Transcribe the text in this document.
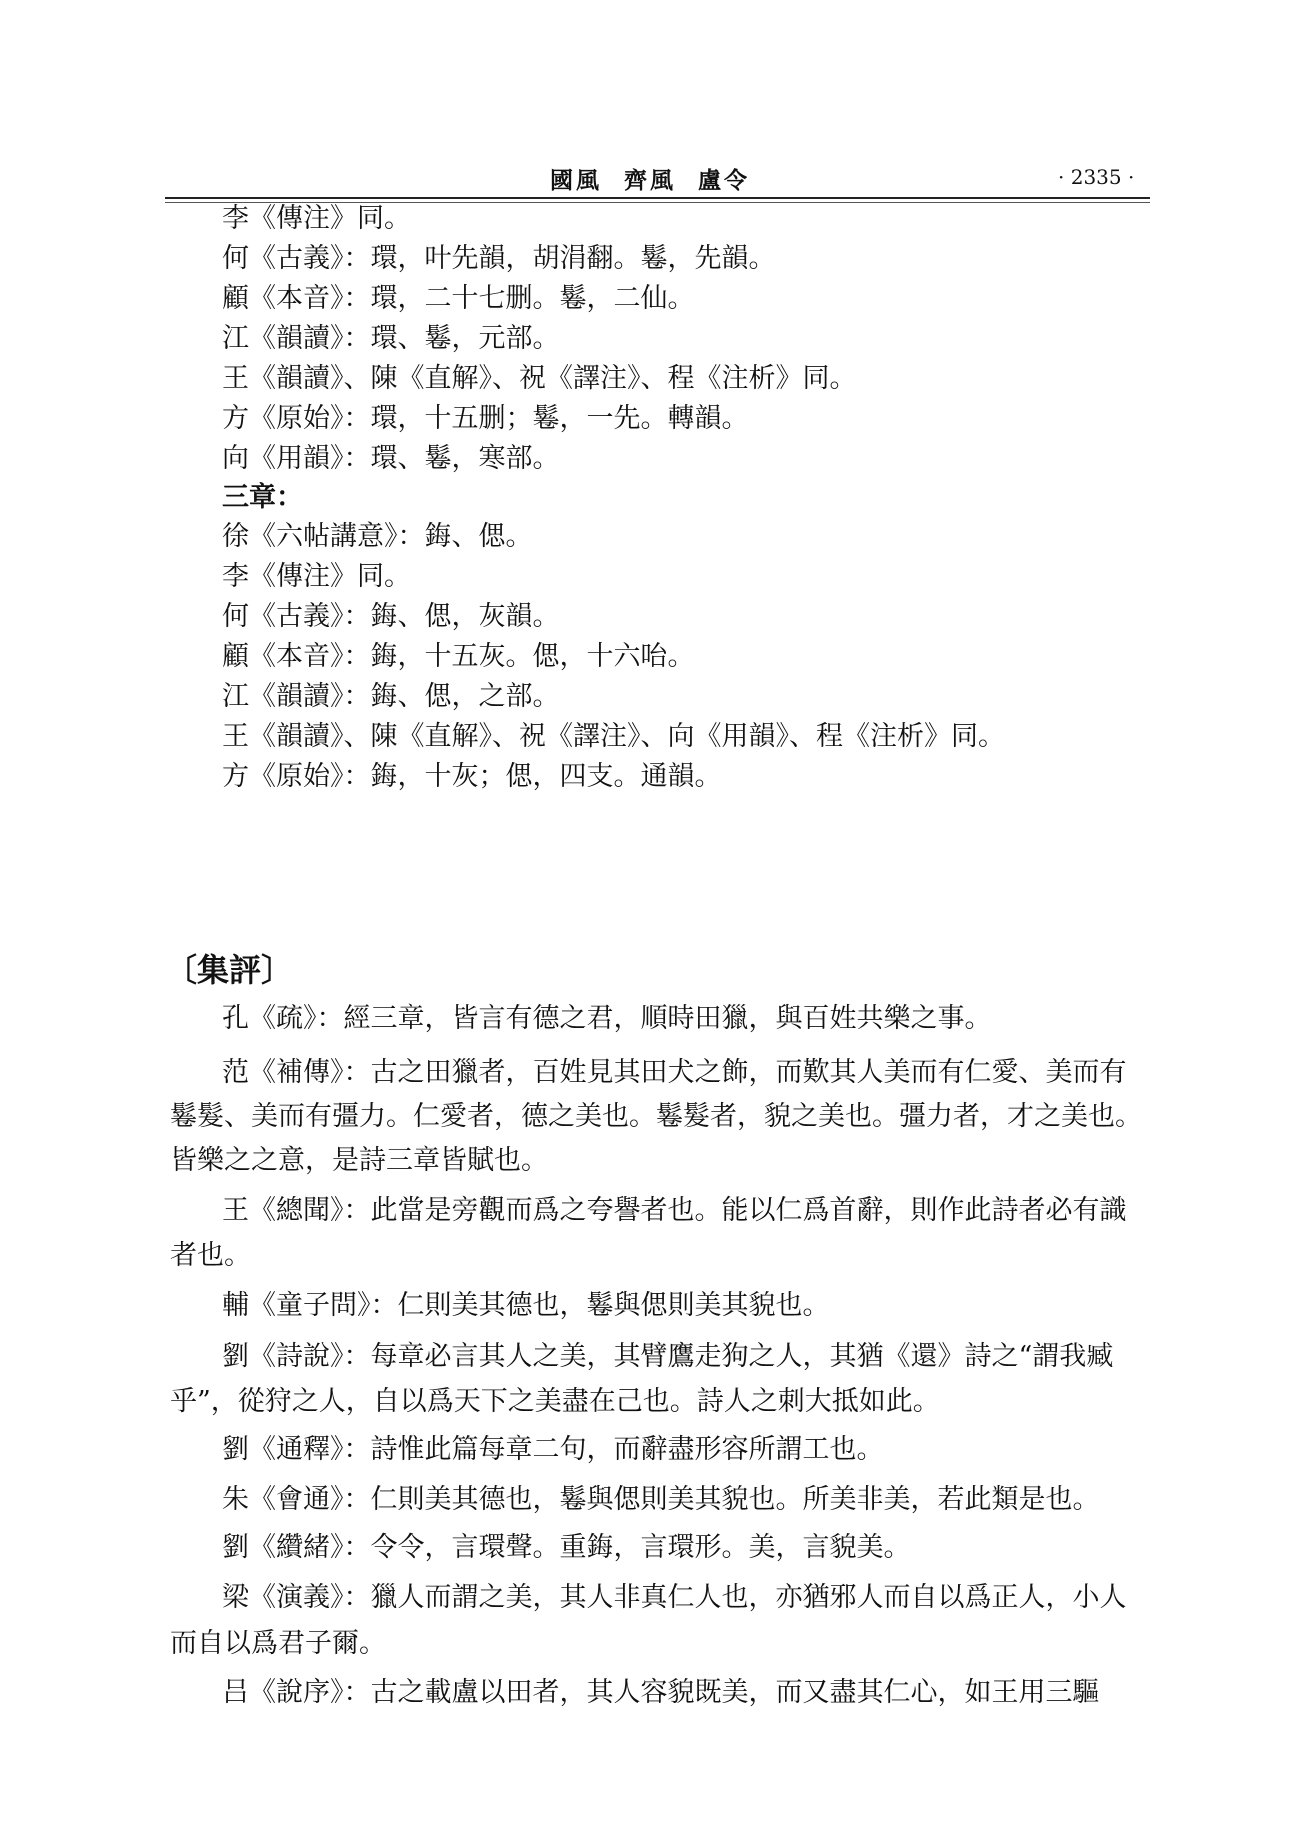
國風 齊風 盧令	· 2335 ·
李《傳注》同。
何《古義》：環，叶先韻，胡涓翻。鬈，先韻。
顧《本音》：環，二十七删。鬈，二仙。
江《韻讀》：環、鬈，元部。
王《韻讀》、陳《直解》、祝《譯注》、程《注析》同。
方《原始》：環，十五删；鬈，一先。轉韻。
向《用韻》：環、鬈，寒部。
三章：
徐《六帖講意》：鋂、偲。
李《傳注》同。
何《古義》：鋂、偲，灰韻。
顧《本音》：鋂，十五灰。偲，十六咍。
江《韻讀》：鋂、偲，之部。
王《韻讀》、陳《直解》、祝《譯注》、向《用韻》、程《注析》同。
方《原始》：鋂，十灰；偲，四支。通韻。
〔集評〕
孔《疏》：經三章，皆言有德之君，順時田獵，與百姓共樂之事。
范《補傳》：古之田獵者，百姓見其田犬之飾，而歎其人美而有仁愛、美而有
鬈髮、美而有彊力。仁愛者，德之美也。鬈髮者，貌之美也。彊力者，才之美也。
皆樂之之意，是詩三章皆賦也。
王《總聞》：此當是旁觀而爲之夸譽者也。能以仁爲首辭，則作此詩者必有識
者也。
輔《童子問》：仁則美其德也，鬈與偲則美其貌也。
劉《詩說》：每章必言其人之美，其臂鷹走狗之人，其猶《還》詩之“謂我臧
乎”，從狩之人，自以爲天下之美盡在己也。詩人之刺大抵如此。
劉《通釋》：詩惟此篇每章二句，而辭盡形容所謂工也。
朱《會通》：仁則美其德也，鬈與偲則美其貌也。所美非美，若此類是也。
劉《纘緒》：令令，言環聲。重鋂，言環形。美，言貌美。
梁《演義》：獵人而謂之美，其人非真仁人也，亦猶邪人而自以爲正人，小人
而自以爲君子爾。
吕《說序》：古之載盧以田者，其人容貌既美，而又盡其仁心，如王用三驅
